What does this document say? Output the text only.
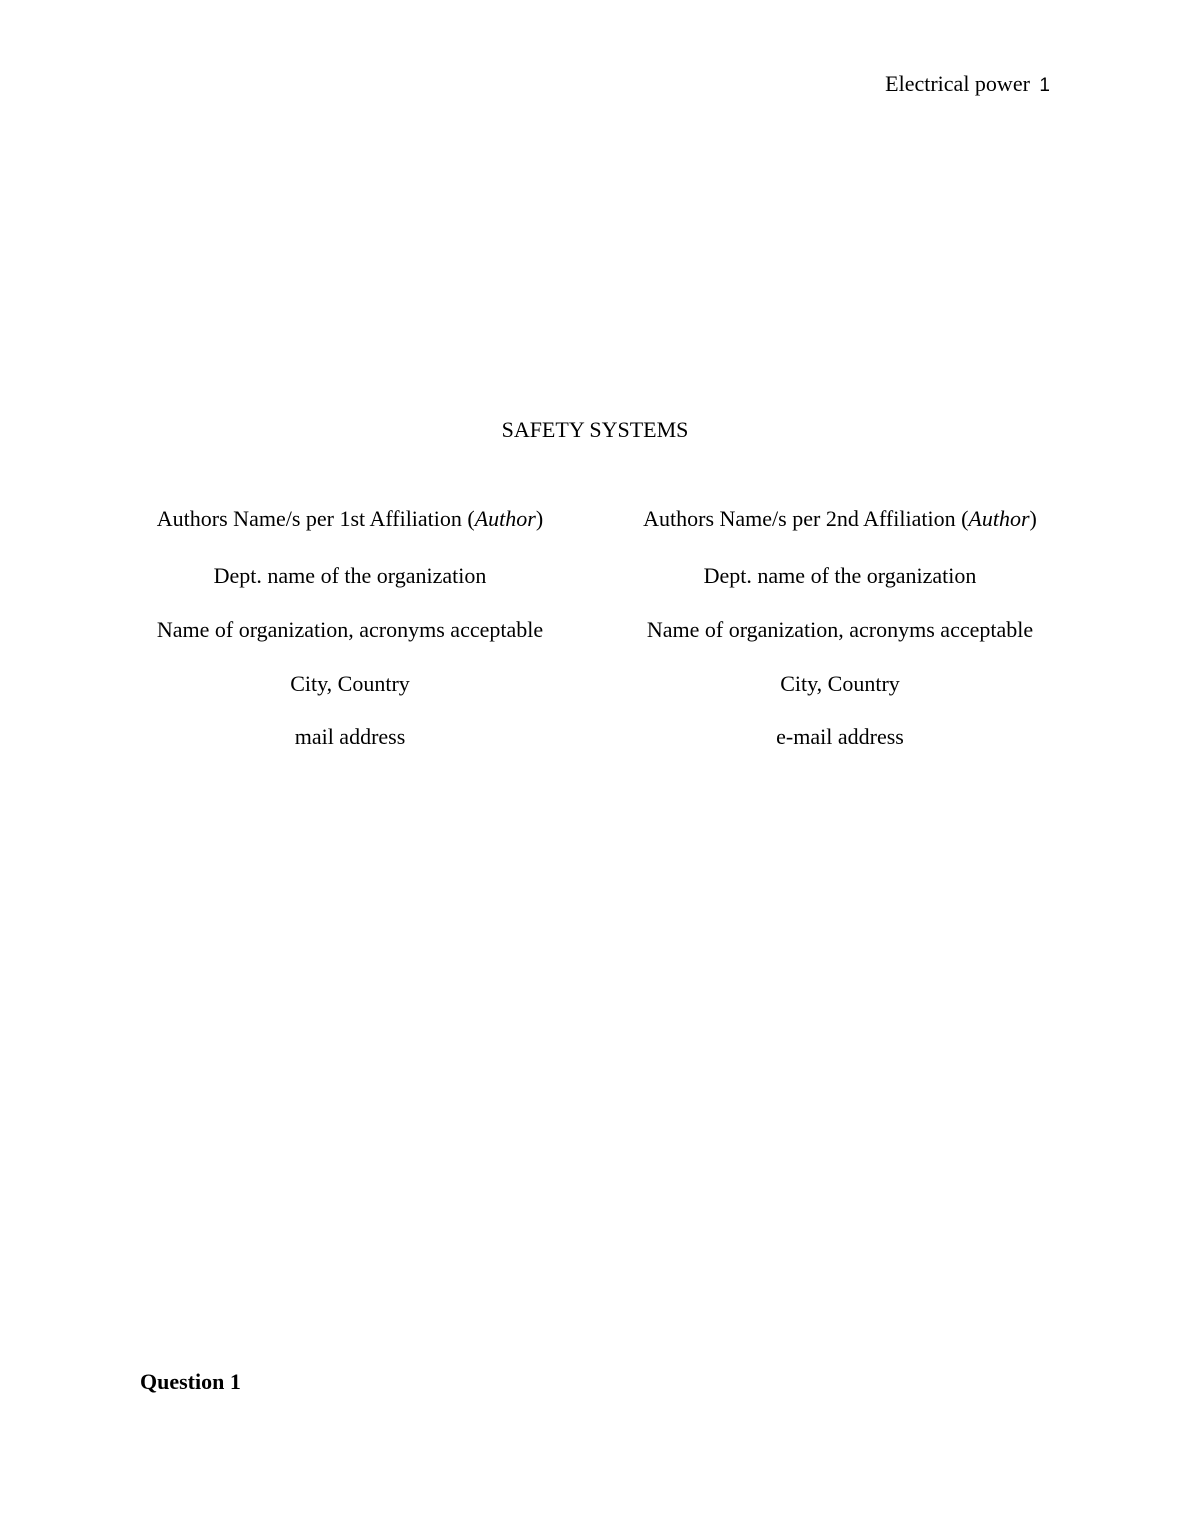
Electrical power 1
SAFETY SYSTEMS
Authors Name/s per 1st Affiliation (Author)
Dept. name of the organization
Name of organization, acronyms acceptable
City, Country
mail address
Authors Name/s per 2nd Affiliation (Author)
Dept. name of the organization
Name of organization, acronyms acceptable
City, Country
e-mail address
Question 1
